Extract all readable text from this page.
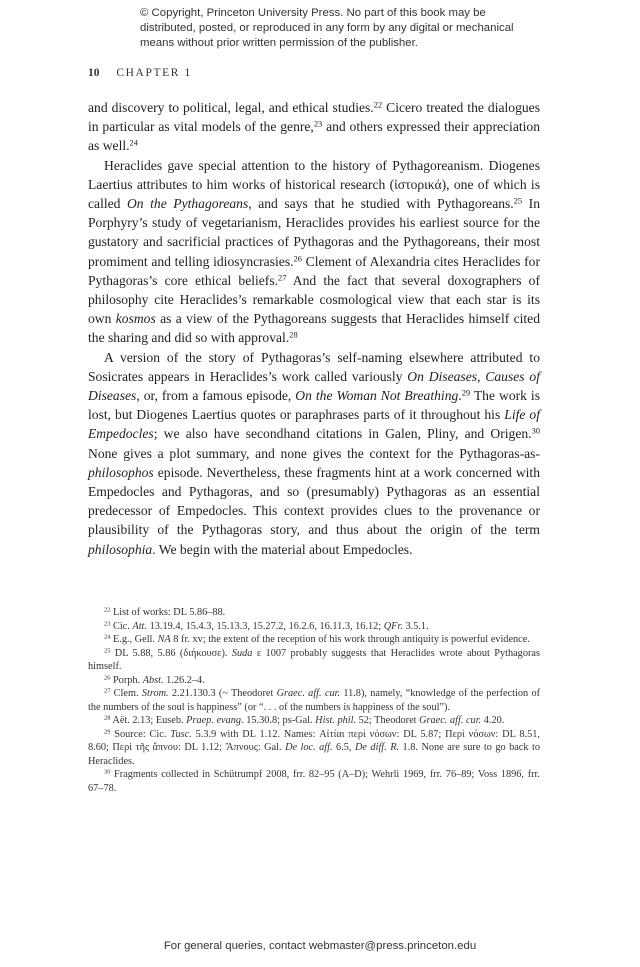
© Copyright, Princeton University Press. No part of this book may be
distributed, posted, or reproduced in any form by any digital or mechanical
means without prior written permission of the publisher.
10 CHAPTER 1

and discovery to political, legal, and ethical studies.$^{22}$ Cicero treated the dialogues in particular as vital models of the genre,$^{23}$ and others expressed their appreciation as well.$^{24}$

Heraclides gave special attention to the history of Pythagoreanism. Diogenes Laertius attributes to him works of historical research (ἱστορικά), one of which is called On the Pythagoreans, and says that he studied with Pythagoreans.$^{25}$ In Porphyry’s study of vegetarianism, Heraclides provides his earliest source for the gustatory and sacrificial practices of Pythagoras and the Pythagoreans, their most promiment and telling idiosyncrasies.$^{26}$ Clement of Alexandria cites Heraclides for Pythagoras’s core ethical beliefs.$^{27}$ And the fact that several doxographers of philosophy cite Heraclides’s remarkable cosmological view that each star is its own kosmos as a view of the Pythagoreans suggests that Heraclides himself cited the sharing and did so with approval.$^{28}$

A version of the story of Pythagoras’s self-naming elsewhere attributed to Sosicrates appears in Heraclides’s work called variously On Diseases, Causes of Diseases, or, from a famous episode, On the Woman Not Breathing.$^{29}$ The work is lost, but Diogenes Laertius quotes or paraphrases parts of it throughout his Life of Empedocles; we also have secondhand citations in Galen, Pliny, and Origen.$^{30}$ None gives a plot summary, and none gives the context for the Pythagoras-as-philosophos episode. Nevertheless, these fragments hint at a work concerned with Empedocles and Pythagoras, and so (presumably) Pythagoras as an essential predecessor of Empedocles. This context provides clues to the provenance or plausibility of the Pythagoras story, and thus about the origin of the term philosophia. We begin with the material about Empedocles.

$^{22}$ List of works: DL 5.86–88.

$^{23}$ Cic. Att. 13.19.4, 15.4.3, 15.13.3, 15.27.2, 16.2.6, 16.11.3, 16.12; QFr. 3.5.1.

$^{24}$ E.g., Gell. NA 8 fr. xv; the extent of the reception of his work through antiquity is powerful evidence.

$^{25}$ DL 5.88, 5.86 (διήκουσε). Suda ε 1007 probably suggests that Heraclides wrote about Pythagoras himself.

$^{26}$ Porph. Abst. 1.26.2–4.

$^{27}$ Clem. Strom. 2.21.130.3 (~ Theodoret Graec. aff. cur. 11.8), namely, “knowledge of the perfection of the numbers of the soul is happiness” (or “. . . of the numbers is happiness of the soul”).

$^{28}$ Aët. 2.13; Euseb. Praep. evang. 15.30.8; ps-Gal. Hist. phil. 52; Theodoret Graec. aff. cur. 4.20.

$^{29}$ Source: Cic. Tusc. 5.3.9 with DL 1.12. Names: Αἰτίαι περὶ νόσων: DL 5.87; Περὶ νόσων: DL 8.51, 8.60; Περὶ τῆς ἄπνου: DL 1.12; Ἄπνους: Gal. De loc. aff. 6.5, De diff. R. 1.8. None are sure to go back to Heraclides.

$^{30}$ Fragments collected in Schütrumpf 2008, frr. 82–95 (A–D); Wehrli 1969, frr. 76–89; Voss 1896, frr. 67–78.

For general queries, contact webmaster@press.princeton.edu
